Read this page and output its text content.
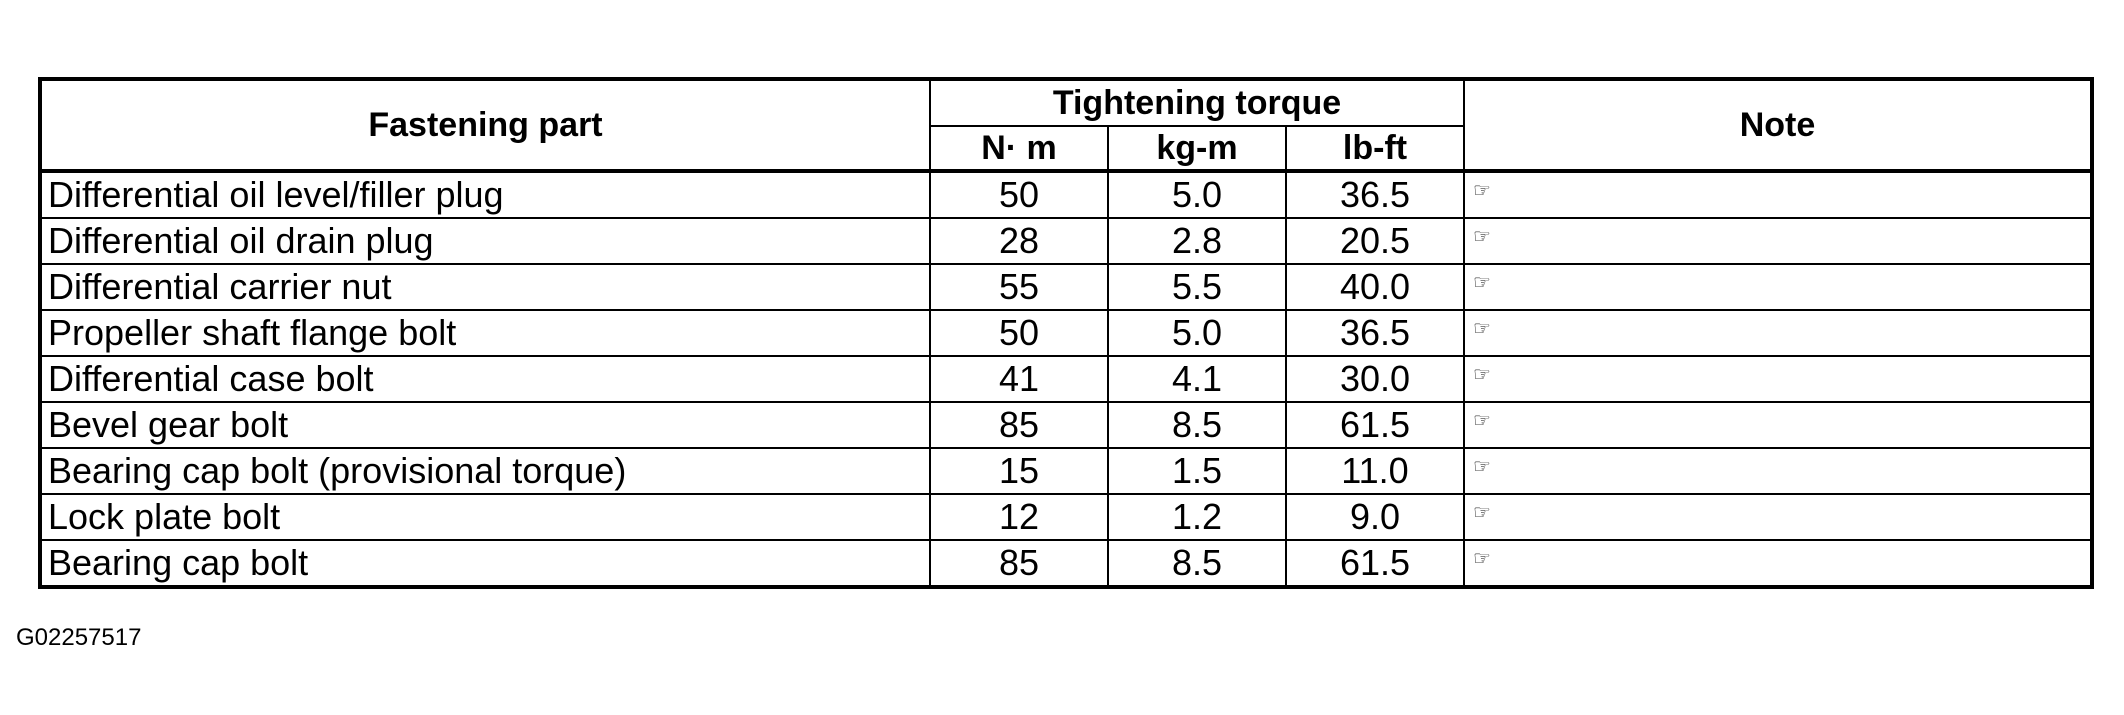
Fastening part	Tightening torque			Note
	N· m	kg-m	lb-ft	
Differential oil level/filler plug	50	5.0	36.5	☞
Differential oil drain plug	28	2.8	20.5	☞
Differential carrier nut	55	5.5	40.0	☞
Propeller shaft flange bolt	50	5.0	36.5	☞
Differential case bolt	41	4.1	30.0	☞
Bevel gear bolt	85	8.5	61.5	☞
Bearing cap bolt (provisional torque)	15	1.5	11.0	☞
Lock plate bolt	12	1.2	9.0	☞
Bearing cap bolt	85	8.5	61.5	☞
G02257517
